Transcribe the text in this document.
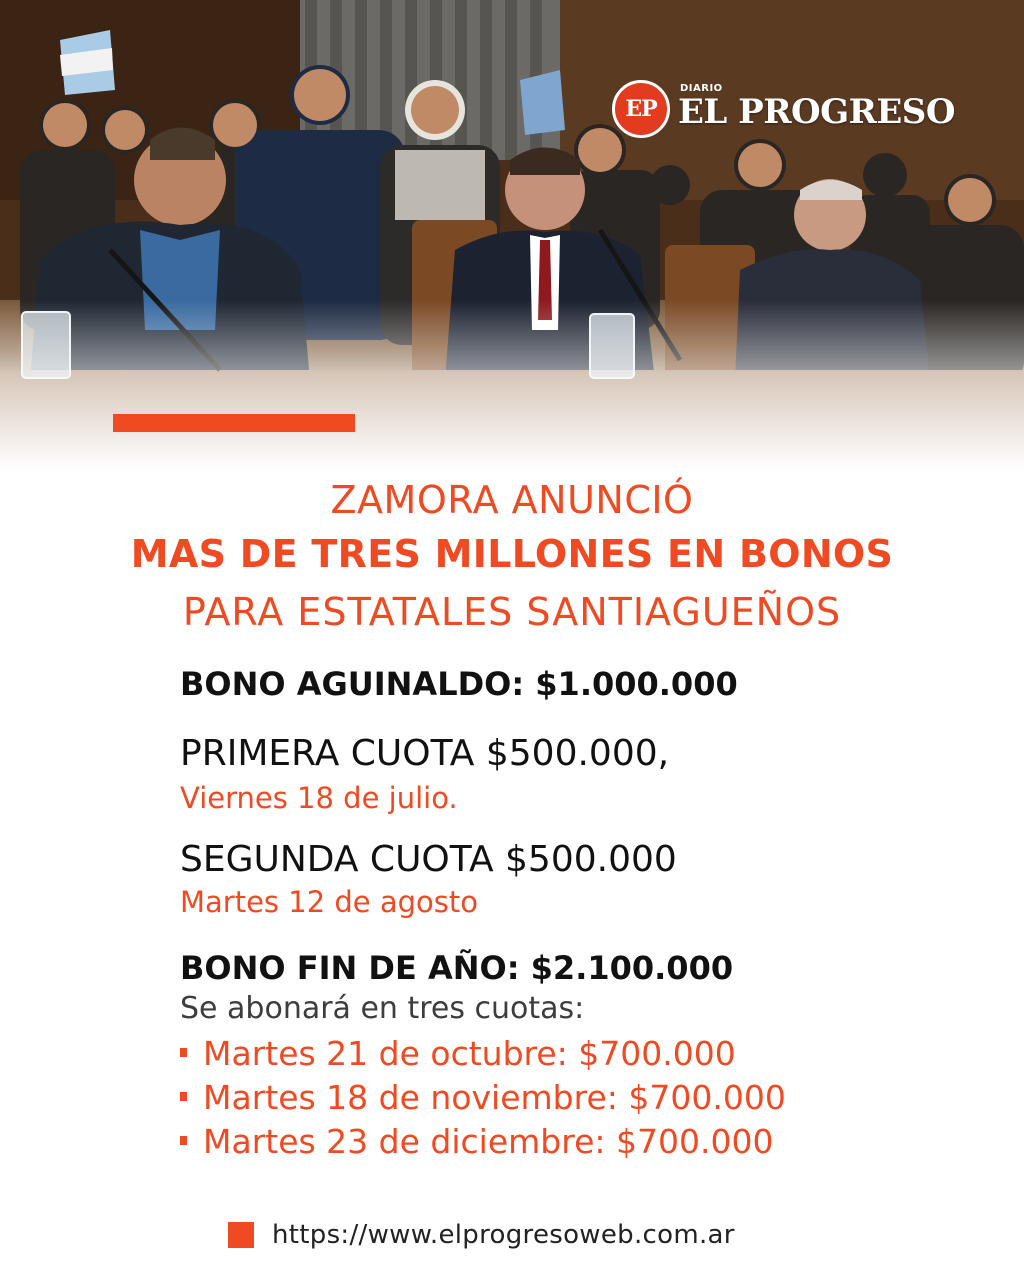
EP
DIARIO
EL PROGRESO
ZAMORA ANUNCIÓ
MAS DE TRES MILLONES EN BONOS
PARA ESTATALES SANTIAGUEÑOS
BONO AGUINALDO: $1.000.000
PRIMERA CUOTA $500.000,
Viernes 18 de julio.
SEGUNDA CUOTA $500.000
Martes 12 de agosto
BONO FIN DE AÑO: $2.100.000
Se abonará en tres cuotas:
Martes 21 de octubre: $700.000
Martes 18 de noviembre: $700.000
Martes 23 de diciembre: $700.000
https://www.elprogresoweb.com.ar
